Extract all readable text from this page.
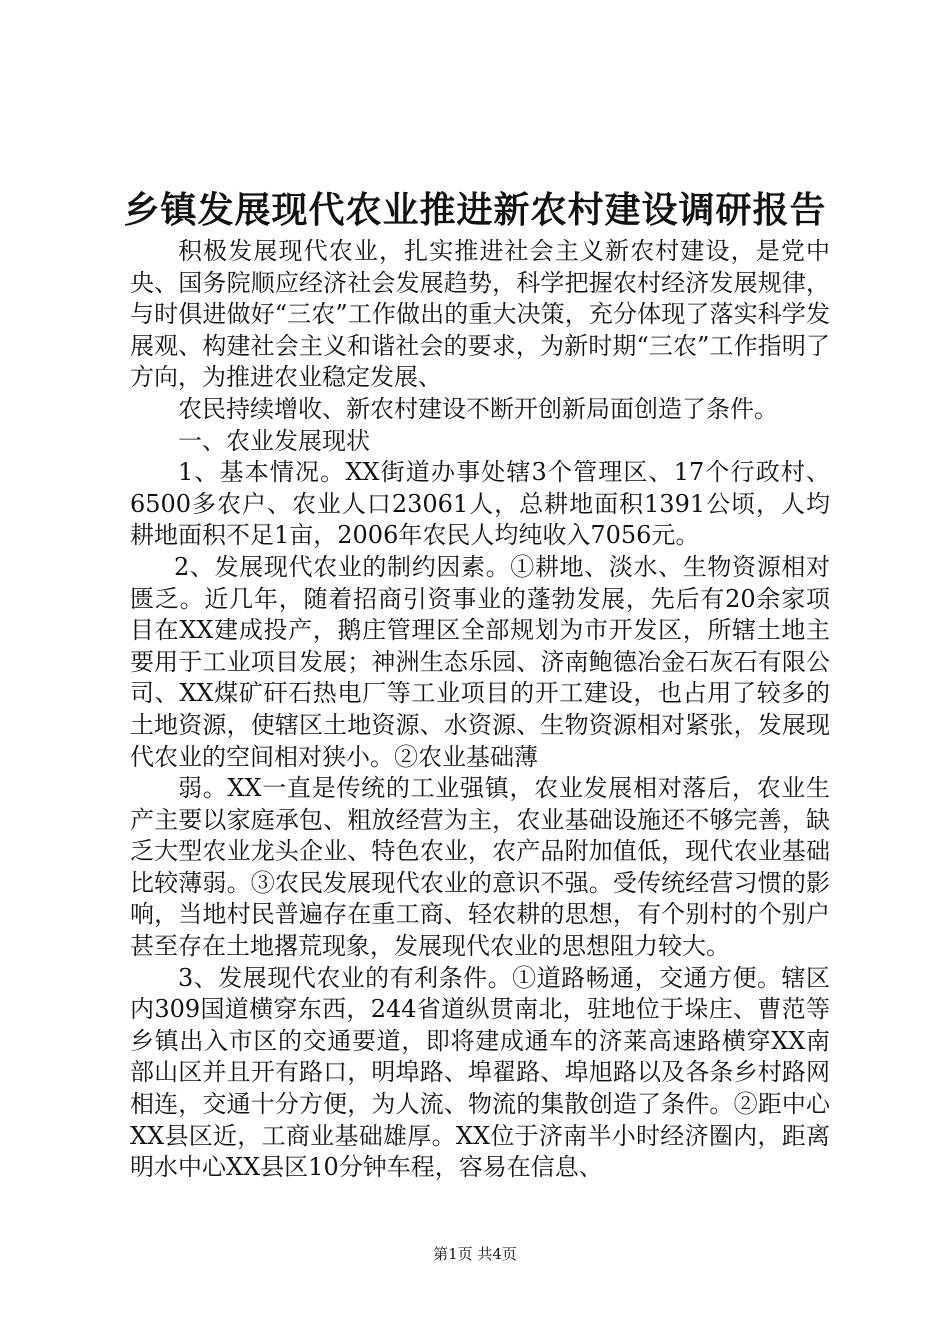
乡镇发展现代农业推进新农村建设调研报告

积极发展现代农业，扎实推进社会主义新农村建设，是党中央、国务院顺应经济社会发展趋势，科学把握农村经济发展规律，与时俱进做好“三农”工作做出的重大决策，充分体现了落实科学发展观、构建社会主义和谐社会的要求，为新时期“三农”工作指明了方向，为推进农业稳定发展、

农民持续增收、新农村建设不断开创新局面创造了条件。

一、农业发展现状

1、基本情况。XX街道办事处辖3个管理区、17个行政村、6500多农户、农业人口23061人，总耕地面积1391公顷，人均耕地面积不足1亩，2006年农民人均纯收入7056元。

2、发展现代农业的制约因素。①耕地、淡水、生物资源相对匮乏。近几年，随着招商引资事业的蓬勃发展，先后有20余家项目在XX建成投产，鹅庄管理区全部规划为市开发区，所辖土地主要用于工业项目发展；神洲生态乐园、济南鲍德冶金石灰石有限公司、XX煤矿矸石热电厂等工业项目的开工建设，也占用了较多的土地资源，使辖区土地资源、水资源、生物资源相对紧张，发展现代农业的空间相对狭小。②农业基础薄

弱。XX一直是传统的工业强镇，农业发展相对落后，农业生产主要以家庭承包、粗放经营为主，农业基础设施还不够完善，缺乏大型农业龙头企业、特色农业，农产品附加值低，现代农业基础比较薄弱。③农民发展现代农业的意识不强。受传统经营习惯的影响，当地村民普遍存在重工商、轻农耕的思想，有个别村的个别户甚至存在土地撂荒现象，发展现代农业的思想阻力较大。

3、发展现代农业的有利条件。①道路畅通，交通方便。辖区内309国道横穿东西，244省道纵贯南北，驻地位于垛庄、曹范等乡镇出入市区的交通要道，即将建成通车的济莱高速路横穿XX南部山区并且开有路口，明埠路、埠翟路、埠旭路以及各条乡村路网相连，交通十分方便，为人流、物流的集散创造了条件。②距中心XX县区近，工商业基础雄厚。XX位于济南半小时经济圈内，距离明水中心XX县区10分钟车程，容易在信息、

第1页 共4页
